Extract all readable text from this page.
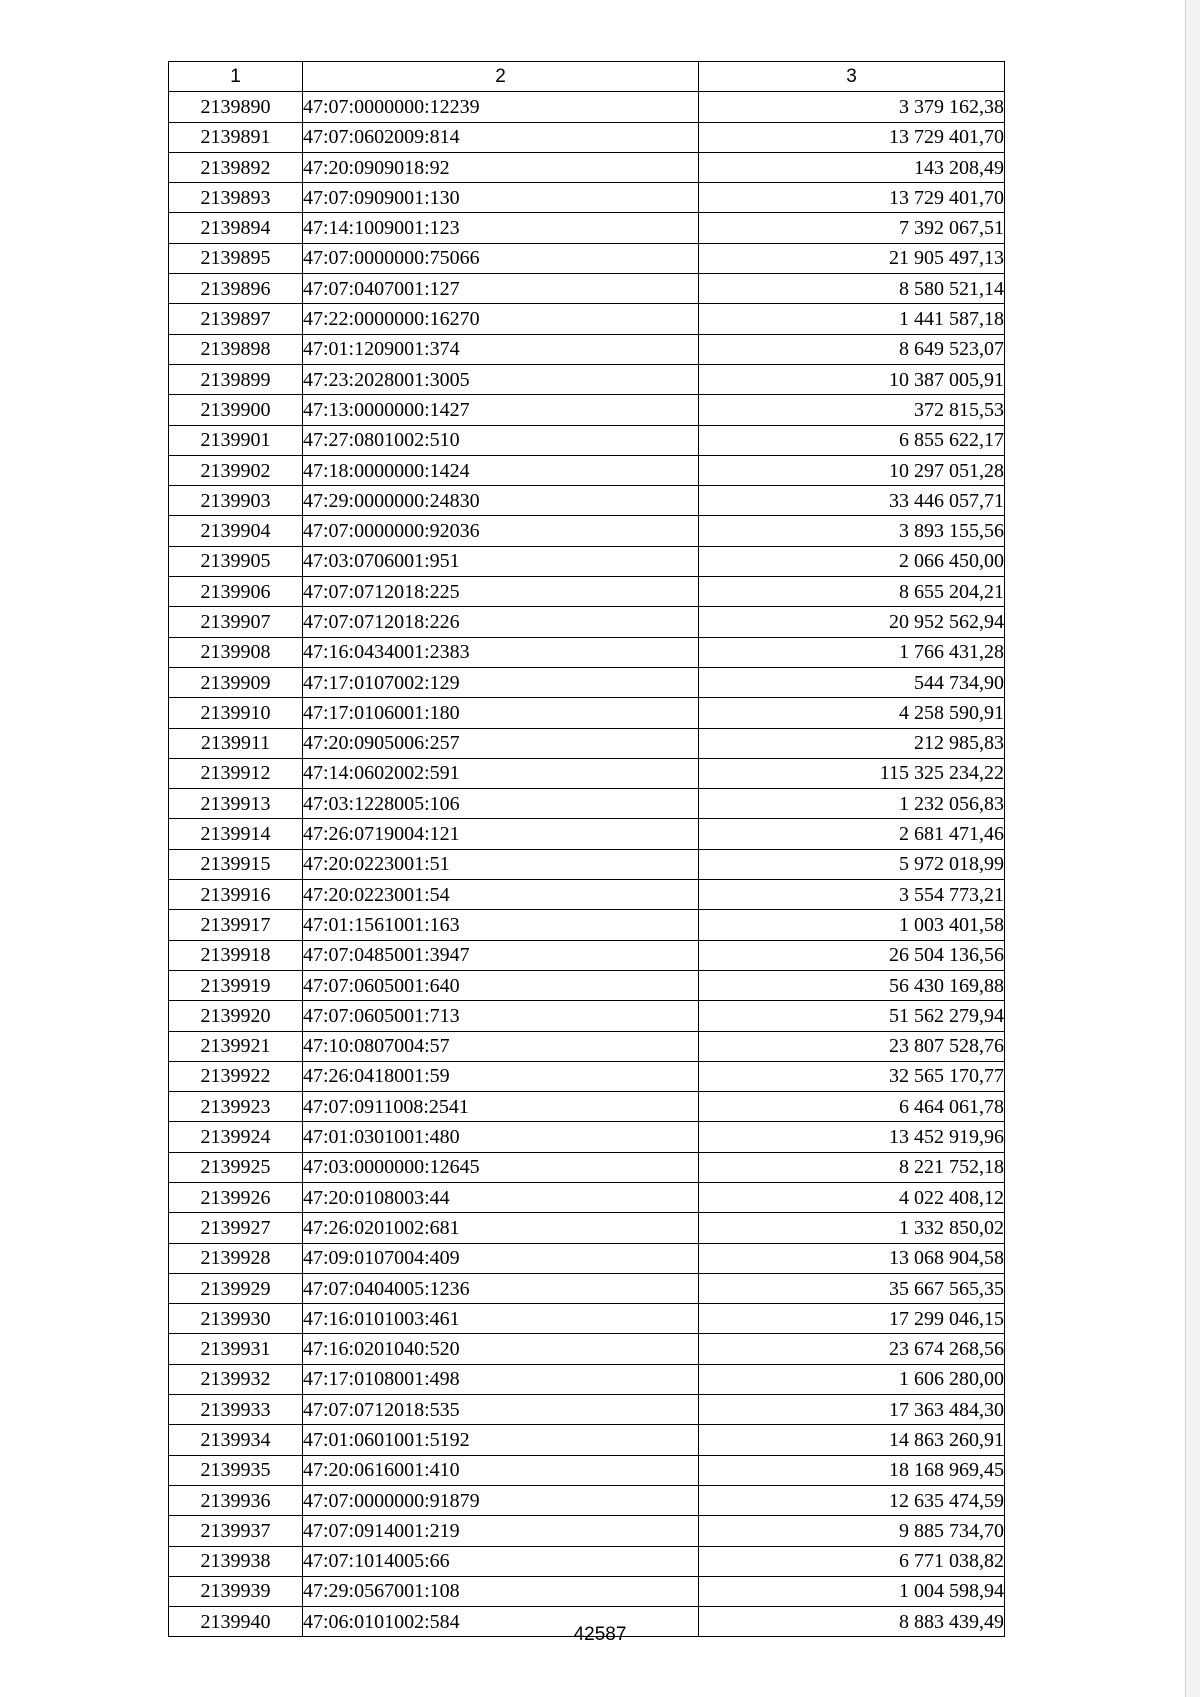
1	2	3
2139890	47:07:0000000:12239	3 379 162,38
2139891	47:07:0602009:814	13 729 401,70
2139892	47:20:0909018:92	143 208,49
2139893	47:07:0909001:130	13 729 401,70
2139894	47:14:1009001:123	7 392 067,51
2139895	47:07:0000000:75066	21 905 497,13
2139896	47:07:0407001:127	8 580 521,14
2139897	47:22:0000000:16270	1 441 587,18
2139898	47:01:1209001:374	8 649 523,07
2139899	47:23:2028001:3005	10 387 005,91
2139900	47:13:0000000:1427	372 815,53
2139901	47:27:0801002:510	6 855 622,17
2139902	47:18:0000000:1424	10 297 051,28
2139903	47:29:0000000:24830	33 446 057,71
2139904	47:07:0000000:92036	3 893 155,56
2139905	47:03:0706001:951	2 066 450,00
2139906	47:07:0712018:225	8 655 204,21
2139907	47:07:0712018:226	20 952 562,94
2139908	47:16:0434001:2383	1 766 431,28
2139909	47:17:0107002:129	544 734,90
2139910	47:17:0106001:180	4 258 590,91
2139911	47:20:0905006:257	212 985,83
2139912	47:14:0602002:591	115 325 234,22
2139913	47:03:1228005:106	1 232 056,83
2139914	47:26:0719004:121	2 681 471,46
2139915	47:20:0223001:51	5 972 018,99
2139916	47:20:0223001:54	3 554 773,21
2139917	47:01:1561001:163	1 003 401,58
2139918	47:07:0485001:3947	26 504 136,56
2139919	47:07:0605001:640	56 430 169,88
2139920	47:07:0605001:713	51 562 279,94
2139921	47:10:0807004:57	23 807 528,76
2139922	47:26:0418001:59	32 565 170,77
2139923	47:07:0911008:2541	6 464 061,78
2139924	47:01:0301001:480	13 452 919,96
2139925	47:03:0000000:12645	8 221 752,18
2139926	47:20:0108003:44	4 022 408,12
2139927	47:26:0201002:681	1 332 850,02
2139928	47:09:0107004:409	13 068 904,58
2139929	47:07:0404005:1236	35 667 565,35
2139930	47:16:0101003:461	17 299 046,15
2139931	47:16:0201040:520	23 674 268,56
2139932	47:17:0108001:498	1 606 280,00
2139933	47:07:0712018:535	17 363 484,30
2139934	47:01:0601001:5192	14 863 260,91
2139935	47:20:0616001:410	18 168 969,45
2139936	47:07:0000000:91879	12 635 474,59
2139937	47:07:0914001:219	9 885 734,70
2139938	47:07:1014005:66	6 771 038,82
2139939	47:29:0567001:108	1 004 598,94
2139940	47:06:0101002:584	8 883 439,49
42587
